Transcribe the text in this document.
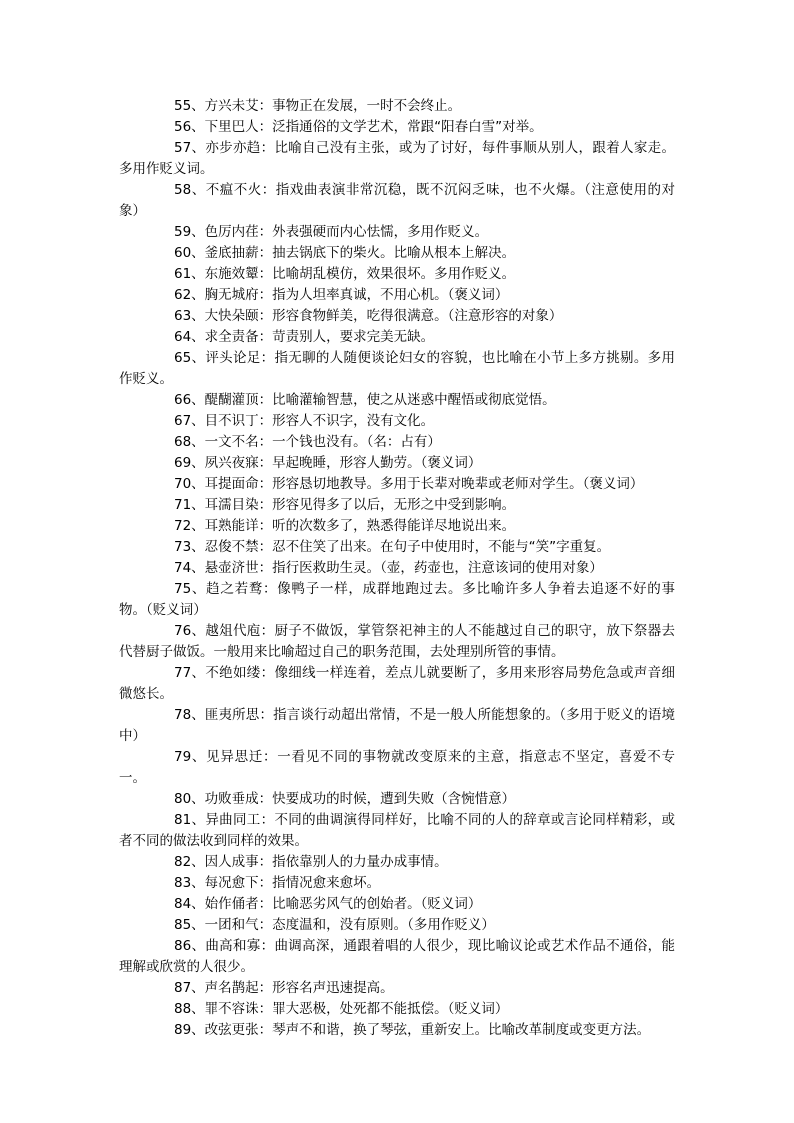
55、方兴未艾：事物正在发展，一时不会终止。

56、下里巴人：泛指通俗的文学艺术，常跟“阳春白雪”对举。

57、亦步亦趋：比喻自己没有主张，或为了讨好，每件事顺从别人，跟着人家走。多用作贬义词。

58、不瘟不火：指戏曲表演非常沉稳，既不沉闷乏味，也不火爆。（注意使用的对象）

59、色厉内荏：外表强硬而内心怯懦，多用作贬义。

60、釜底抽薪：抽去锅底下的柴火。比喻从根本上解决。

61、东施效颦：比喻胡乱模仿，效果很坏。多用作贬义。

62、胸无城府：指为人坦率真诚，不用心机。（褒义词）

63、大快朵颐：形容食物鲜美，吃得很满意。（注意形容的对象）

64、求全责备：苛责别人，要求完美无缺。

65、评头论足：指无聊的人随便谈论妇女的容貌，也比喻在小节上多方挑剔。多用作贬义。

66、醍醐灌顶：比喻灌输智慧，使之从迷惑中醒悟或彻底觉悟。

67、目不识丁：形容人不识字，没有文化。

68、一文不名：一个钱也没有。（名：占有）

69、夙兴夜寐：早起晚睡，形容人勤劳。（褒义词）

70、耳提面命：形容恳切地教导。多用于长辈对晚辈或老师对学生。（褒义词）

71、耳濡目染：形容见得多了以后，无形之中受到影响。

72、耳熟能详：听的次数多了，熟悉得能详尽地说出来。

73、忍俊不禁：忍不住笑了出来。在句子中使用时，不能与“笑”字重复。

74、悬壶济世：指行医救助生灵。（壶，药壶也，注意该词的使用对象）

75、趋之若鹜：像鸭子一样，成群地跑过去。多比喻许多人争着去追逐不好的事物。（贬义词）

76、越俎代庖：厨子不做饭，掌管祭祀神主的人不能越过自己的职守，放下祭器去代替厨子做饭。一般用来比喻超过自己的职务范围，去处理别所管的事情。

77、不绝如缕：像细线一样连着，差点儿就要断了，多用来形容局势危急或声音细微悠长。

78、匪夷所思：指言谈行动超出常情，不是一般人所能想象的。（多用于贬义的语境中）

79、见异思迁：一看见不同的事物就改变原来的主意，指意志不坚定，喜爱不专一。

80、功败垂成：快要成功的时候，遭到失败（含惋惜意）

81、异曲同工：不同的曲调演得同样好，比喻不同的人的辞章或言论同样精彩，或者不同的做法收到同样的效果。

82、因人成事：指依靠别人的力量办成事情。

83、每况愈下：指情况愈来愈坏。

84、始作俑者：比喻恶劣风气的创始者。（贬义词）

85、一团和气：态度温和，没有原则。（多用作贬义）

86、曲高和寡：曲调高深，通跟着唱的人很少，现比喻议论或艺术作品不通俗，能理解或欣赏的人很少。

87、声名鹊起：形容名声迅速提高。

88、罪不容诛：罪大恶极，处死都不能抵偿。（贬义词）

89、改弦更张：琴声不和谐，换了琴弦，重新安上。比喻改革制度或变更方法。
